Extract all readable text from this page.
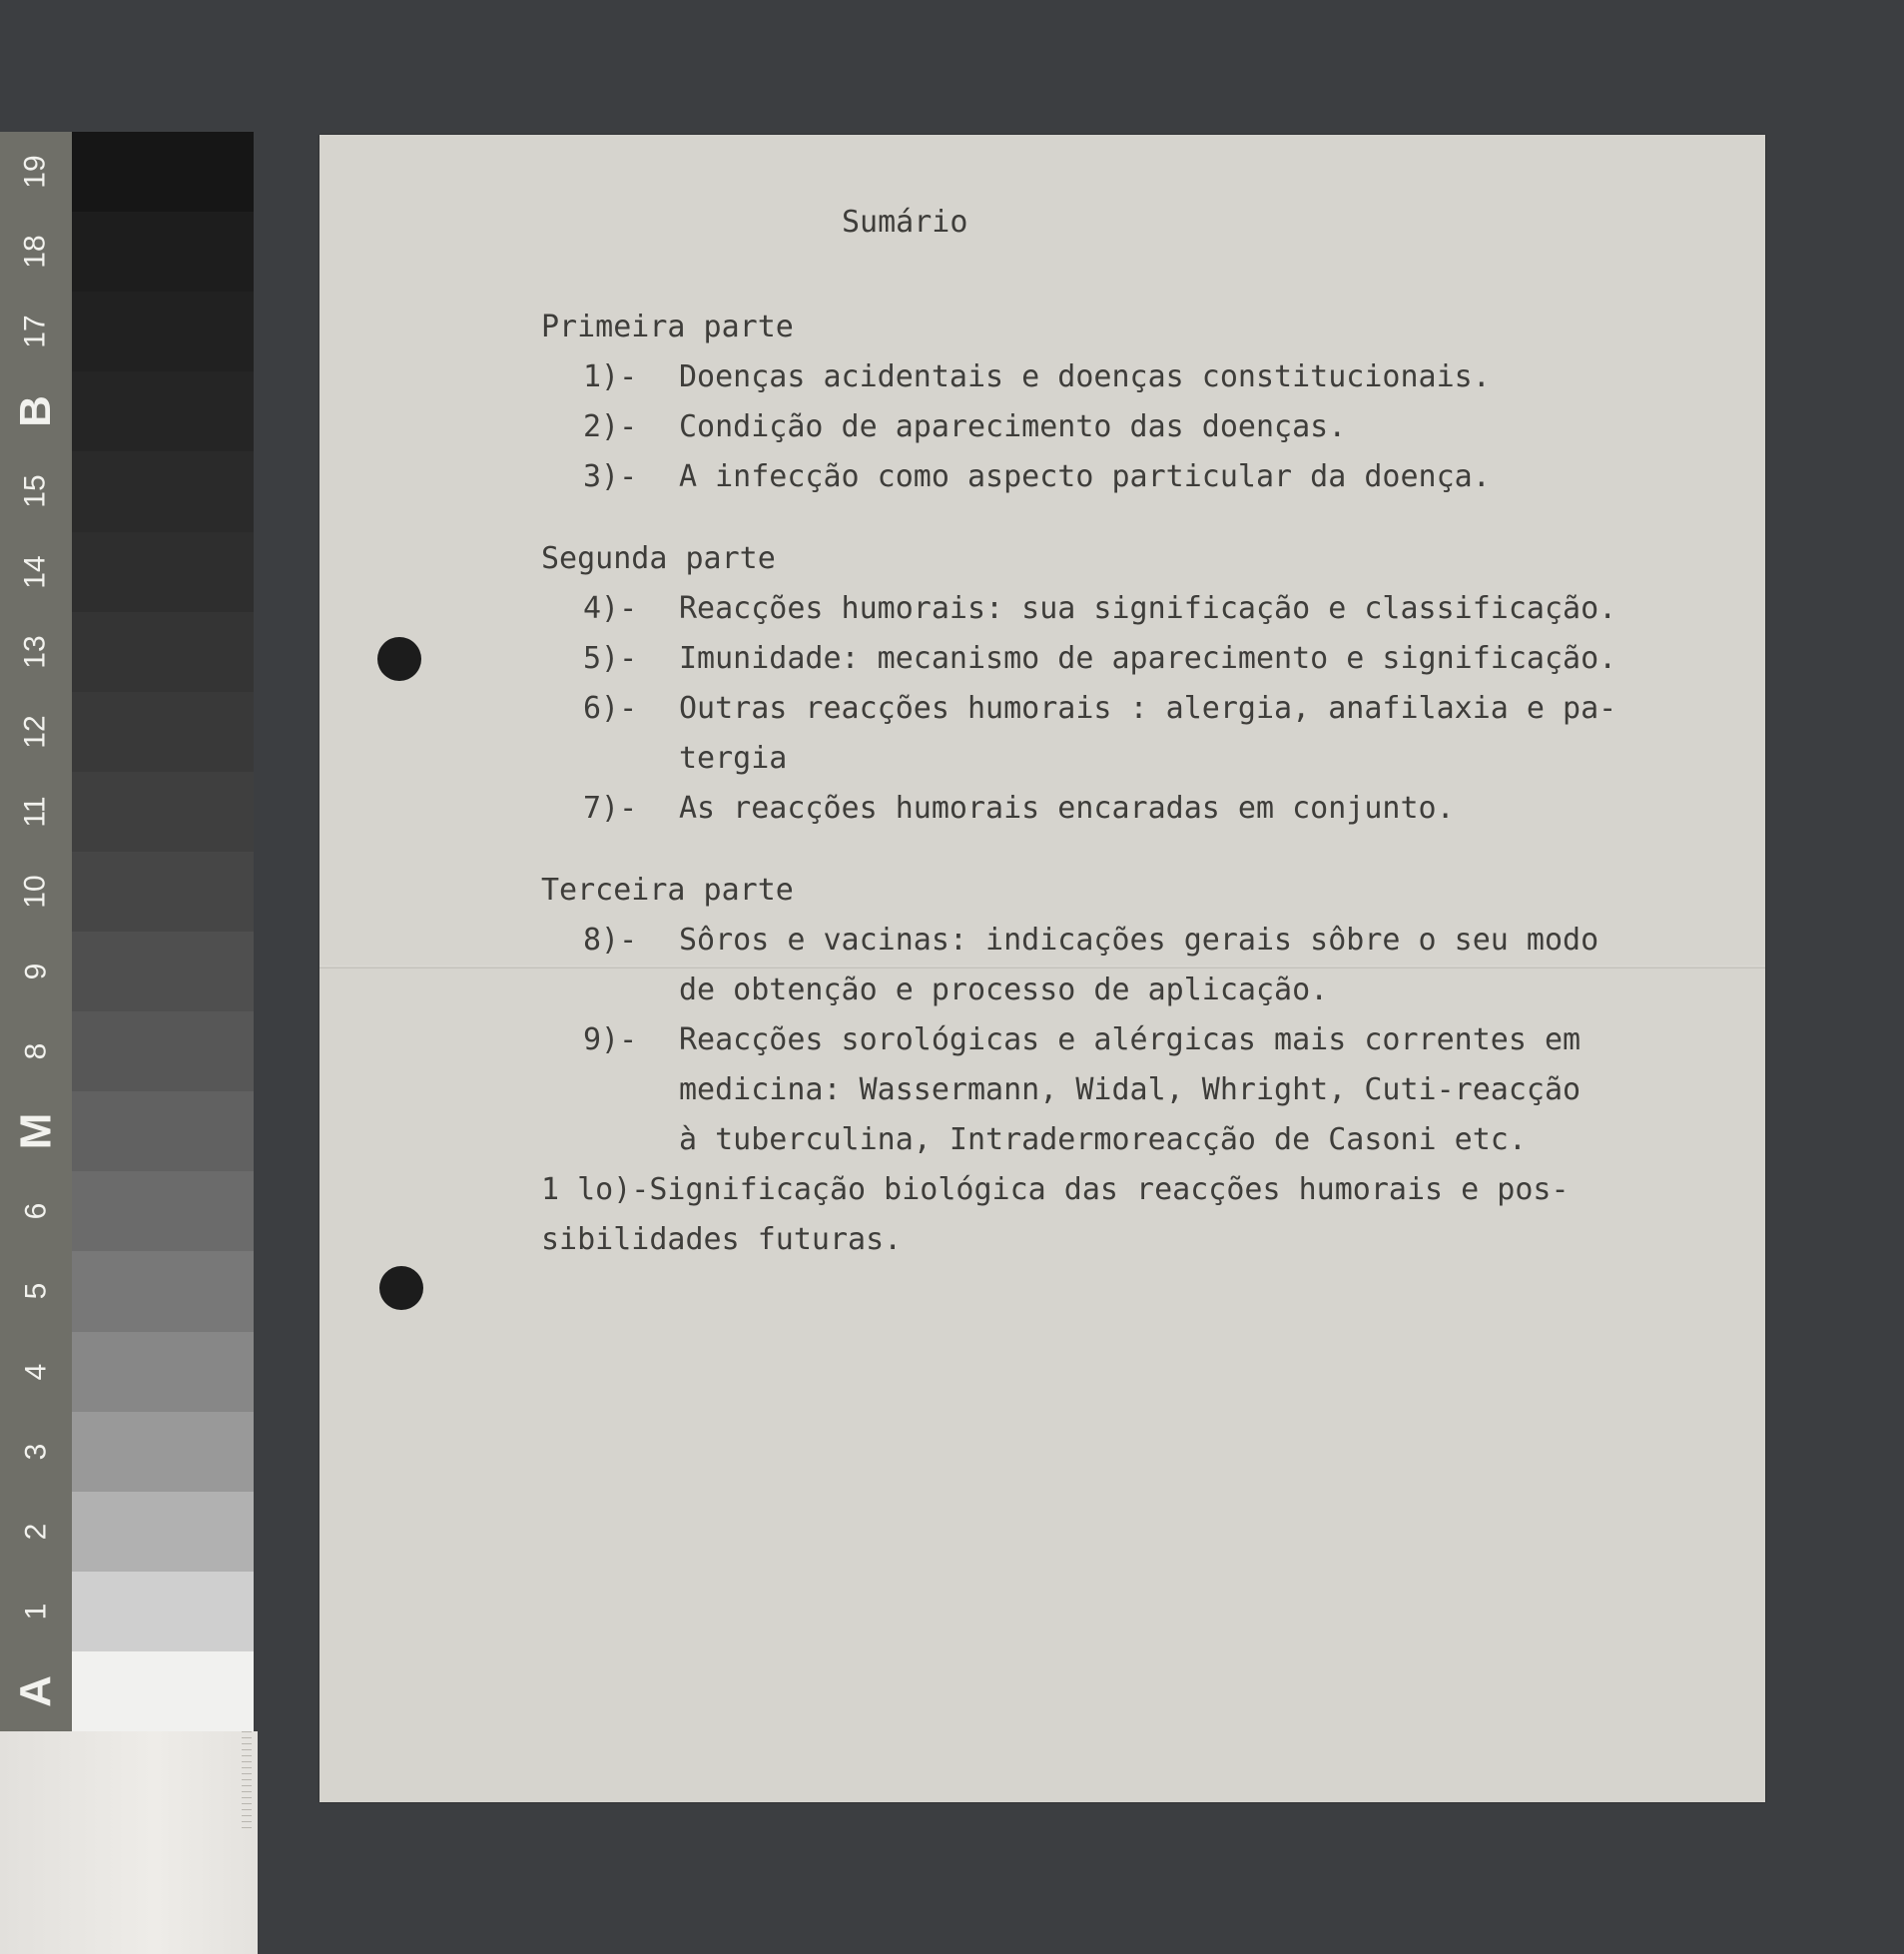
19
18
17
B
15
14
13
12
11
10
9
8
M
6
5
4
3
2
1
A
Sumário
Primeira parte
1)-	Doenças acidentais e doenças constitucionais.
2)-	Condição de aparecimento das doenças.
3)-	A infecção como aspecto particular da doença.
Segunda parte
4)-	Reacções humorais: sua significação e classificação.
5)-	Imunidade: mecanismo de aparecimento e significação.
6)-	Outras reacções humorais : alergia, anafilaxia e pa-
tergia
7)-	As reacções humorais encaradas em conjunto.
Terceira parte
8)-	Sôros e vacinas: indicações gerais sôbre o seu modo
de obtenção e processo de aplicação.
9)-	Reacções sorológicas e alérgicas mais correntes em
medicina: Wassermann, Widal, Whright, Cuti-reacção
à tuberculina, Intradermoreacção de Casoni etc.
1 lo)-Significação biológica das reacções humorais e pos-
sibilidades futuras.
